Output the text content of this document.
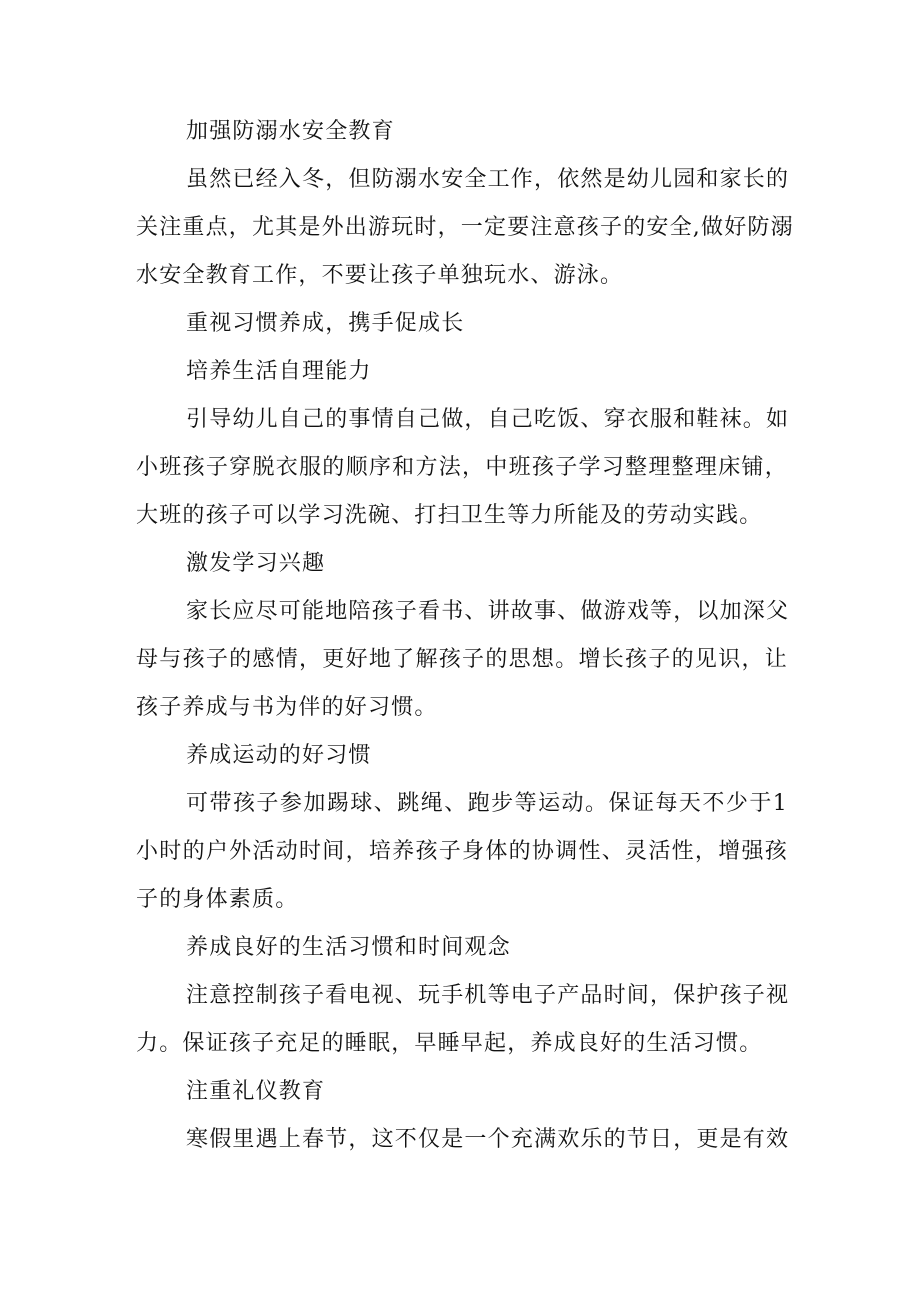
加强防溺水安全教育
虽然已经入冬，但防溺水安全工作，依然是幼儿园和家长的
关注重点，尤其是外出游玩时，一定要注意孩子的安全,做好防溺
水安全教育工作，不要让孩子单独玩水、游泳。
重视习惯养成，携手促成长
培养生活自理能力
引导幼儿自己的事情自己做，自己吃饭、穿衣服和鞋袜。如
小班孩子穿脱衣服的顺序和方法，中班孩子学习整理整理床铺，
大班的孩子可以学习洗碗、打扫卫生等力所能及的劳动实践。
激发学习兴趣
家长应尽可能地陪孩子看书、讲故事、做游戏等，以加深父
母与孩子的感情，更好地了解孩子的思想。增长孩子的见识，让
孩子养成与书为伴的好习惯。
养成运动的好习惯
可带孩子参加踢球、跳绳、跑步等运动。保证每天不少于1
小时的户外活动时间，培养孩子身体的协调性、灵活性，增强孩
子的身体素质。
养成良好的生活习惯和时间观念
注意控制孩子看电视、玩手机等电子产品时间，保护孩子视
力。保证孩子充足的睡眠，早睡早起，养成良好的生活习惯。
注重礼仪教育
寒假里遇上春节，这不仅是一个充满欢乐的节日，更是有效
